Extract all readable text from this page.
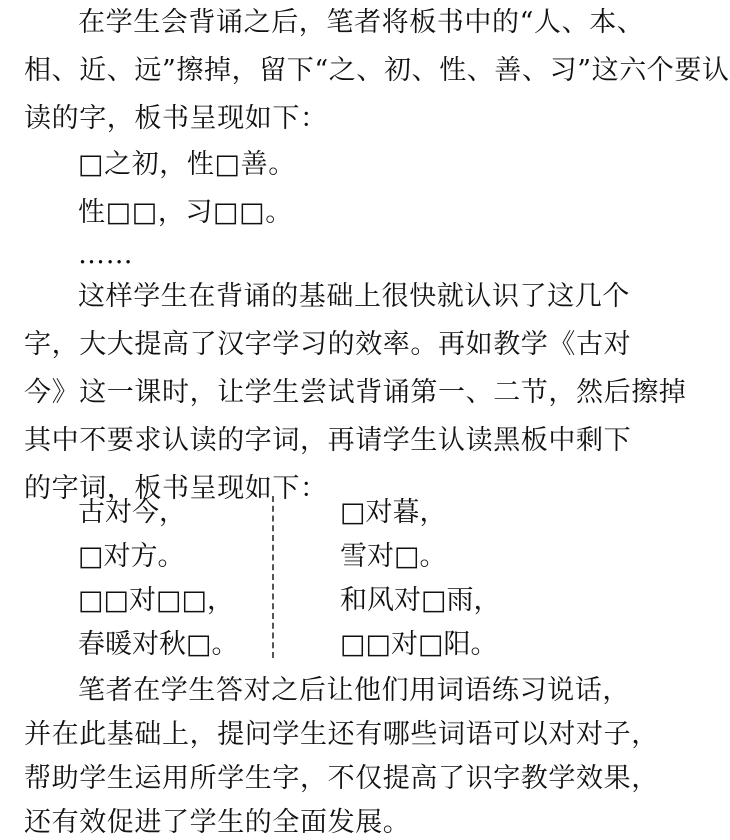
在学生会背诵之后，笔者将板书中的“人、本、
相、近、远”擦掉，留下“之、初、性、善、习”这六个要认
读的字，板书呈现如下：
□之初，性□善。
性□□，习□□。
……
这样学生在背诵的基础上很快就认识了这几个
字，大大提高了汉字学习的效率。再如教学《古对
今》这一课时，让学生尝试背诵第一、二节，然后擦掉
其中不要求认读的字词，再请学生认读黑板中剩下
的字词，板书呈现如下：
古对今，
□对方。
□□对□□，
春暖对秋□。
□对暮，
雪对□。
和风对□雨，
□□对□阳。
笔者在学生答对之后让他们用词语练习说话，
并在此基础上，提问学生还有哪些词语可以对对子，
帮助学生运用所学生字，不仅提高了识字教学效果，
还有效促进了学生的全面发展。
